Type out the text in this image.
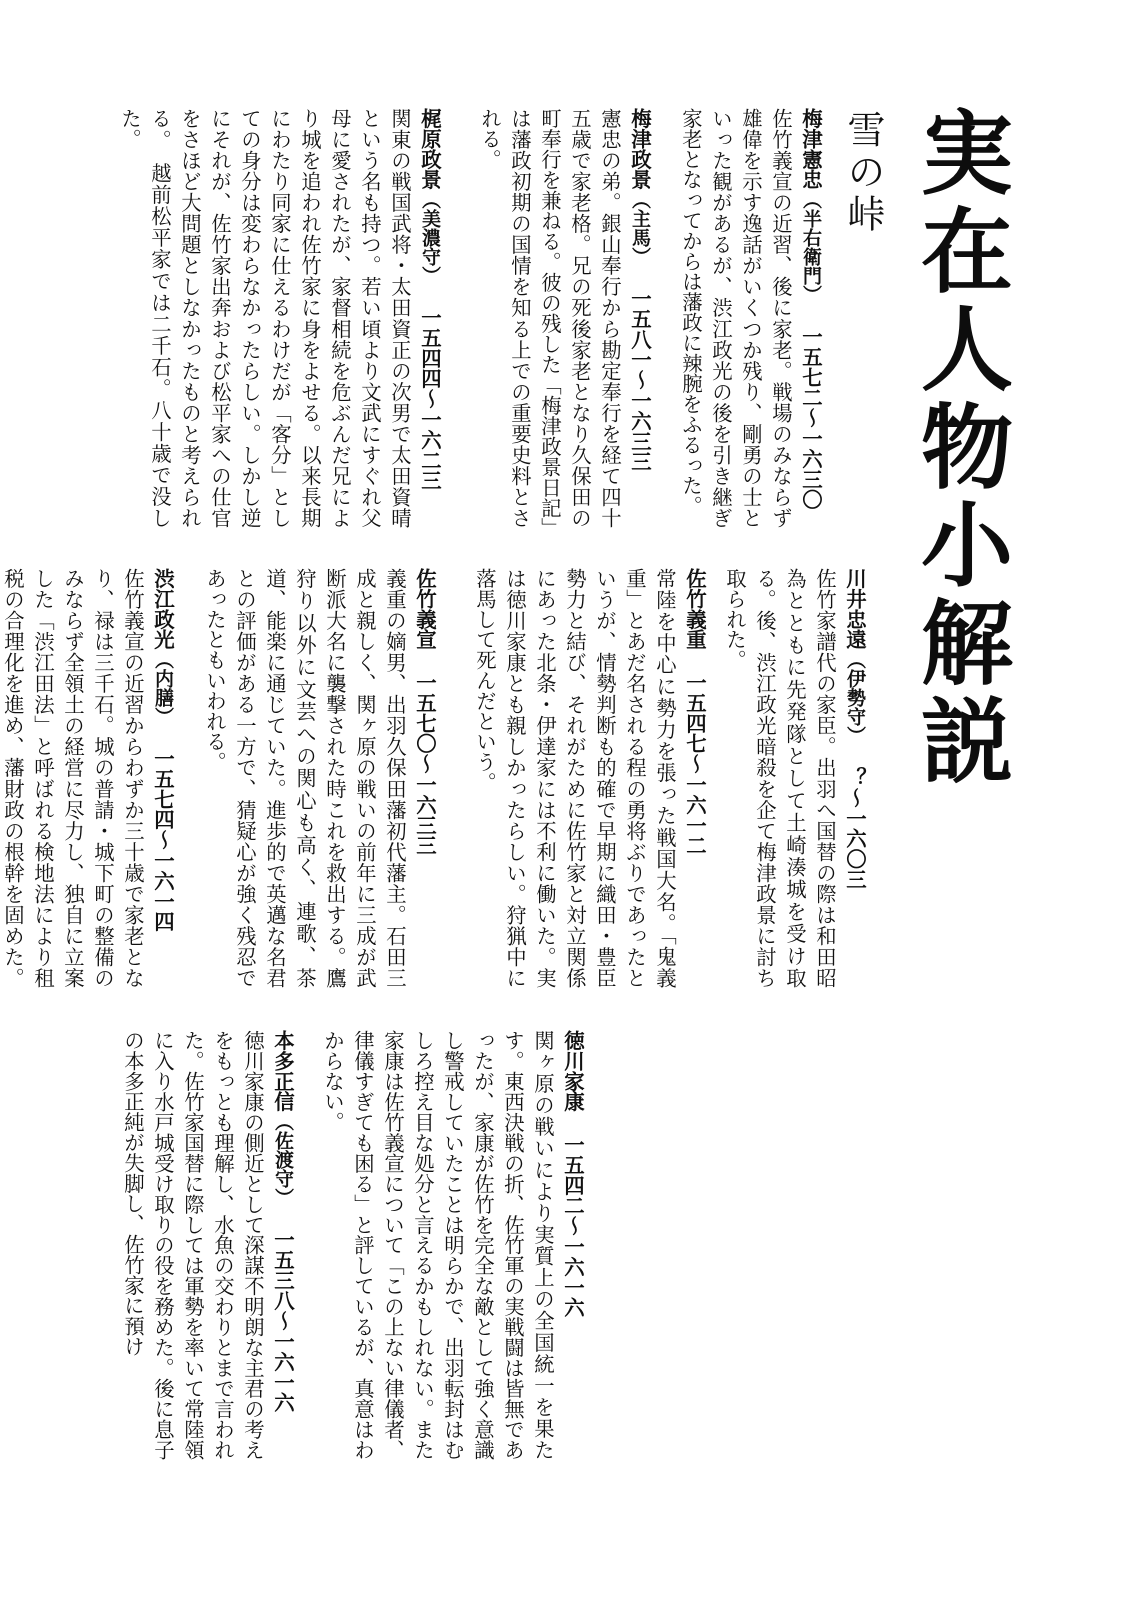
実在人物小解説
雪の峠
梅津憲忠（半右衛門）一五七二〜一六三〇
佐竹義宣の近習、後に家老。戦場のみならず雄偉を示す逸話がいくつか残り、剛勇の士といった観があるが、渋江政光の後を引き継ぎ家老となってからは藩政に辣腕をふるった。
梅津政景（主馬）一五八一〜一六三三
憲忠の弟。銀山奉行から勘定奉行を経て四十五歳で家老格。兄の死後家老となり久保田の町奉行を兼ねる。彼の残した「梅津政景日記」は藩政初期の国情を知る上での重要史料とされる。
梶原政景（美濃守）一五四四〜一六二三
関東の戦国武将・太田資正の次男で太田資晴という名も持つ。若い頃より文武にすぐれ父母に愛されたが、家督相続を危ぶんだ兄により城を追われ佐竹家に身をよせる。以来長期にわたり同家に仕えるわけだが「客分」としての身分は変わらなかったらしい。しかし逆にそれが、佐竹家出奔および松平家への仕官をさほど大問題としなかったものと考えられる。　越前松平家では二千石。八十歳で没した。
川井忠遠（伊勢守）？〜一六〇三
佐竹家譜代の家臣。出羽へ国替の際は和田昭為とともに先発隊として土崎湊城を受け取る。後、渋江政光暗殺を企て梅津政景に討ち取られた。
佐竹義重一五四七〜一六一二
常陸を中心に勢力を張った戦国大名。「鬼義重」とあだ名される程の勇将ぶりであったというが、情勢判断も的確で早期に織田・豊臣勢力と結び、それがために佐竹家と対立関係にあった北条・伊達家には不利に働いた。実は徳川家康とも親しかったらしい。狩猟中に落馬して死んだという。
佐竹義宣一五七〇〜一六三三
義重の嫡男、出羽久保田藩初代藩主。石田三成と親しく、関ヶ原の戦いの前年に三成が武断派大名に襲撃された時これを救出する。鷹狩り以外に文芸への関心も高く、連歌、茶道、能楽に通じていた。進歩的で英邁な名君との評価がある一方で、猜疑心が強く残忍であったともいわれる。
渋江政光（内膳）一五七四〜一六一四
佐竹義宣の近習からわずか三十歳で家老となり、禄は三千石。城の普請・城下町の整備のみならず全領土の経営に尽力し、独自に立案した「渋江田法」と呼ばれる検地法により租税の合理化を進め、藩財政の根幹を固めた。
徳川家康一五四二〜一六一六
関ヶ原の戦いにより実質上の全国統一を果たす。東西決戦の折、佐竹軍の実戦闘は皆無であったが、家康が佐竹を完全な敵として強く意識し警戒していたことは明らかで、出羽転封はむしろ控え目な処分と言えるかもしれない。また家康は佐竹義宣について「この上ない律儀者、律儀すぎても困る」と評しているが、真意はわからない。
本多正信（佐渡守）一五三八〜一六一六
徳川家康の側近として深謀不明朗な主君の考えをもっとも理解し、水魚の交わりとまで言われた。佐竹家国替に際しては軍勢を率いて常陸領に入り水戸城受け取りの役を務めた。後に息子の本多正純が失脚し、佐竹家に預け
